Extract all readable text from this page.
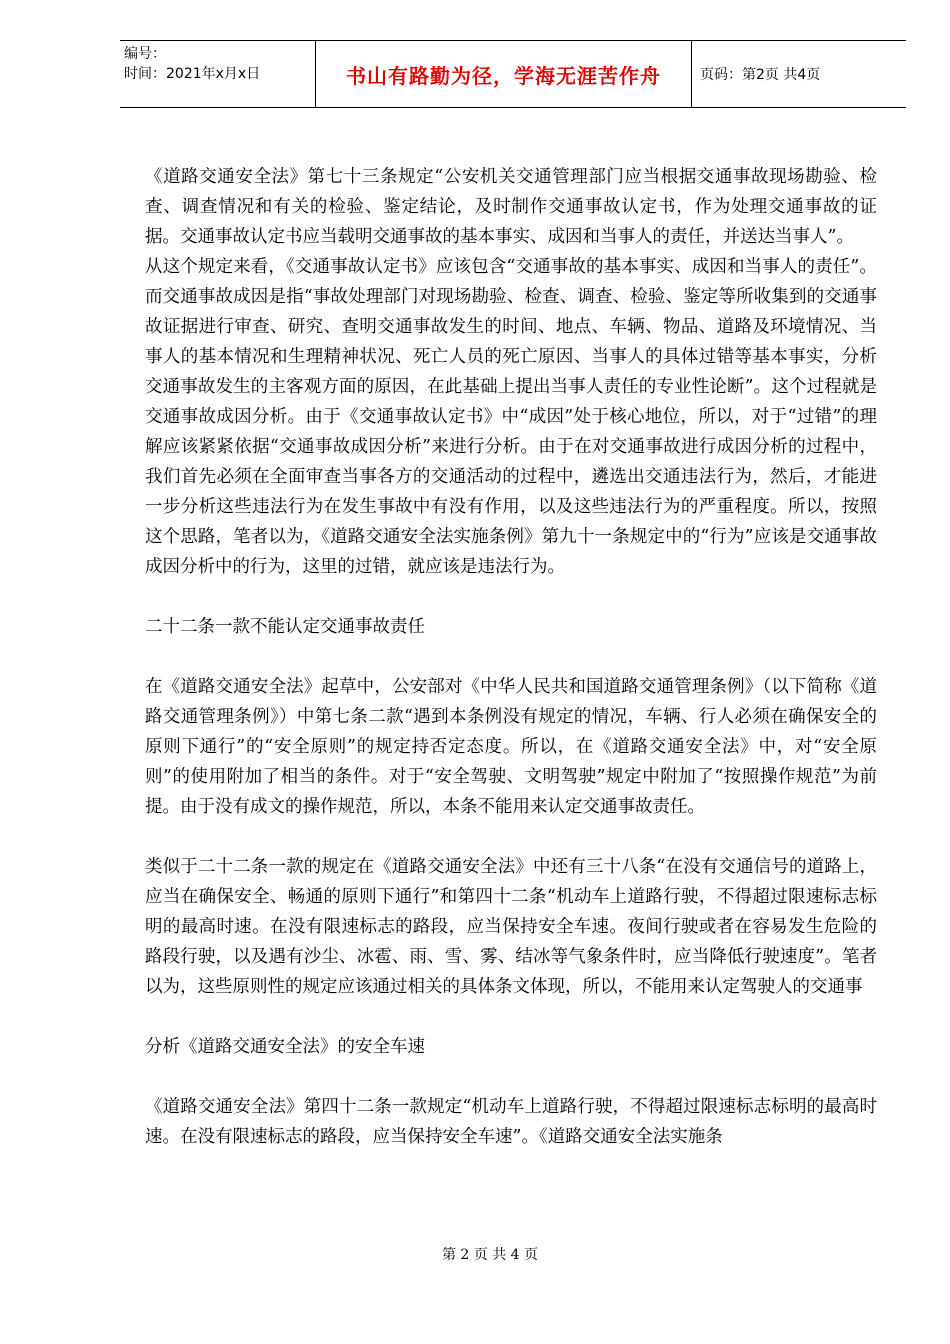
编号：
时间：2021年x月x日	书山有路勤为径，学海无涯苦作舟	页码：第2页 共4页

《道路交通安全法》第七十三条规定“公安机关交通管理部门应当根据交通事故现场勘验、检查、调查情况和有关的检验、鉴定结论，及时制作交通事故认定书，作为处理交通事故的证据。交通事故认定书应当载明交通事故的基本事实、成因和当事人的责任，并送达当事人”。

从这个规定来看，《交通事故认定书》应该包含“交通事故的基本事实、成因和当事人的责任”。而交通事故成因是指“事故处理部门对现场勘验、检查、调查、检验、鉴定等所收集到的交通事故证据进行审查、研究、查明交通事故发生的时间、地点、车辆、物品、道路及环境情况、当事人的基本情况和生理精神状况、死亡人员的死亡原因、当事人的具体过错等基本事实，分析交通事故发生的主客观方面的原因，在此基础上提出当事人责任的专业性论断”。这个过程就是交通事故成因分析。由于《交通事故认定书》中“成因”处于核心地位，所以，对于“过错”的理解应该紧紧依据“交通事故成因分析”来进行分析。由于在对交通事故进行成因分析的过程中，我们首先必须在全面审查当事各方的交通活动的过程中，遴选出交通违法行为，然后，才能进一步分析这些违法行为在发生事故中有没有作用，以及这些违法行为的严重程度。所以，按照这个思路，笔者以为，《道路交通安全法实施条例》第九十一条规定中的“行为”应该是交通事故成因分析中的行为，这里的过错，就应该是违法行为。

二十二条一款不能认定交通事故责任

在《道路交通安全法》起草中，公安部对《中华人民共和国道路交通管理条例》（以下简称《道路交通管理条例》）中第七条二款“遇到本条例没有规定的情况，车辆、行人必须在确保安全的原则下通行”的“安全原则”的规定持否定态度。所以，在《道路交通安全法》中，对“安全原则”的使用附加了相当的条件。对于“安全驾驶、文明驾驶”规定中附加了“按照操作规范”为前提。由于没有成文的操作规范，所以，本条不能用来认定交通事故责任。

类似于二十二条一款的规定在《道路交通安全法》中还有三十八条“在没有交通信号的道路上，应当在确保安全、畅通的原则下通行”和第四十二条“机动车上道路行驶，不得超过限速标志标明的最高时速。在没有限速标志的路段，应当保持安全车速。夜间行驶或者在容易发生危险的路段行驶，以及遇有沙尘、冰雹、雨、雪、雾、结冰等气象条件时，应当降低行驶速度”。笔者以为，这些原则性的规定应该通过相关的具体条文体现，所以，不能用来认定驾驶人的交通事

分析《道路交通安全法》的安全车速

《道路交通安全法》第四十二条一款规定“机动车上道路行驶，不得超过限速标志标明的最高时速。在没有限速标志的路段，应当保持安全车速”。《道路交通安全法实施条

第 2 页 共 4 页
